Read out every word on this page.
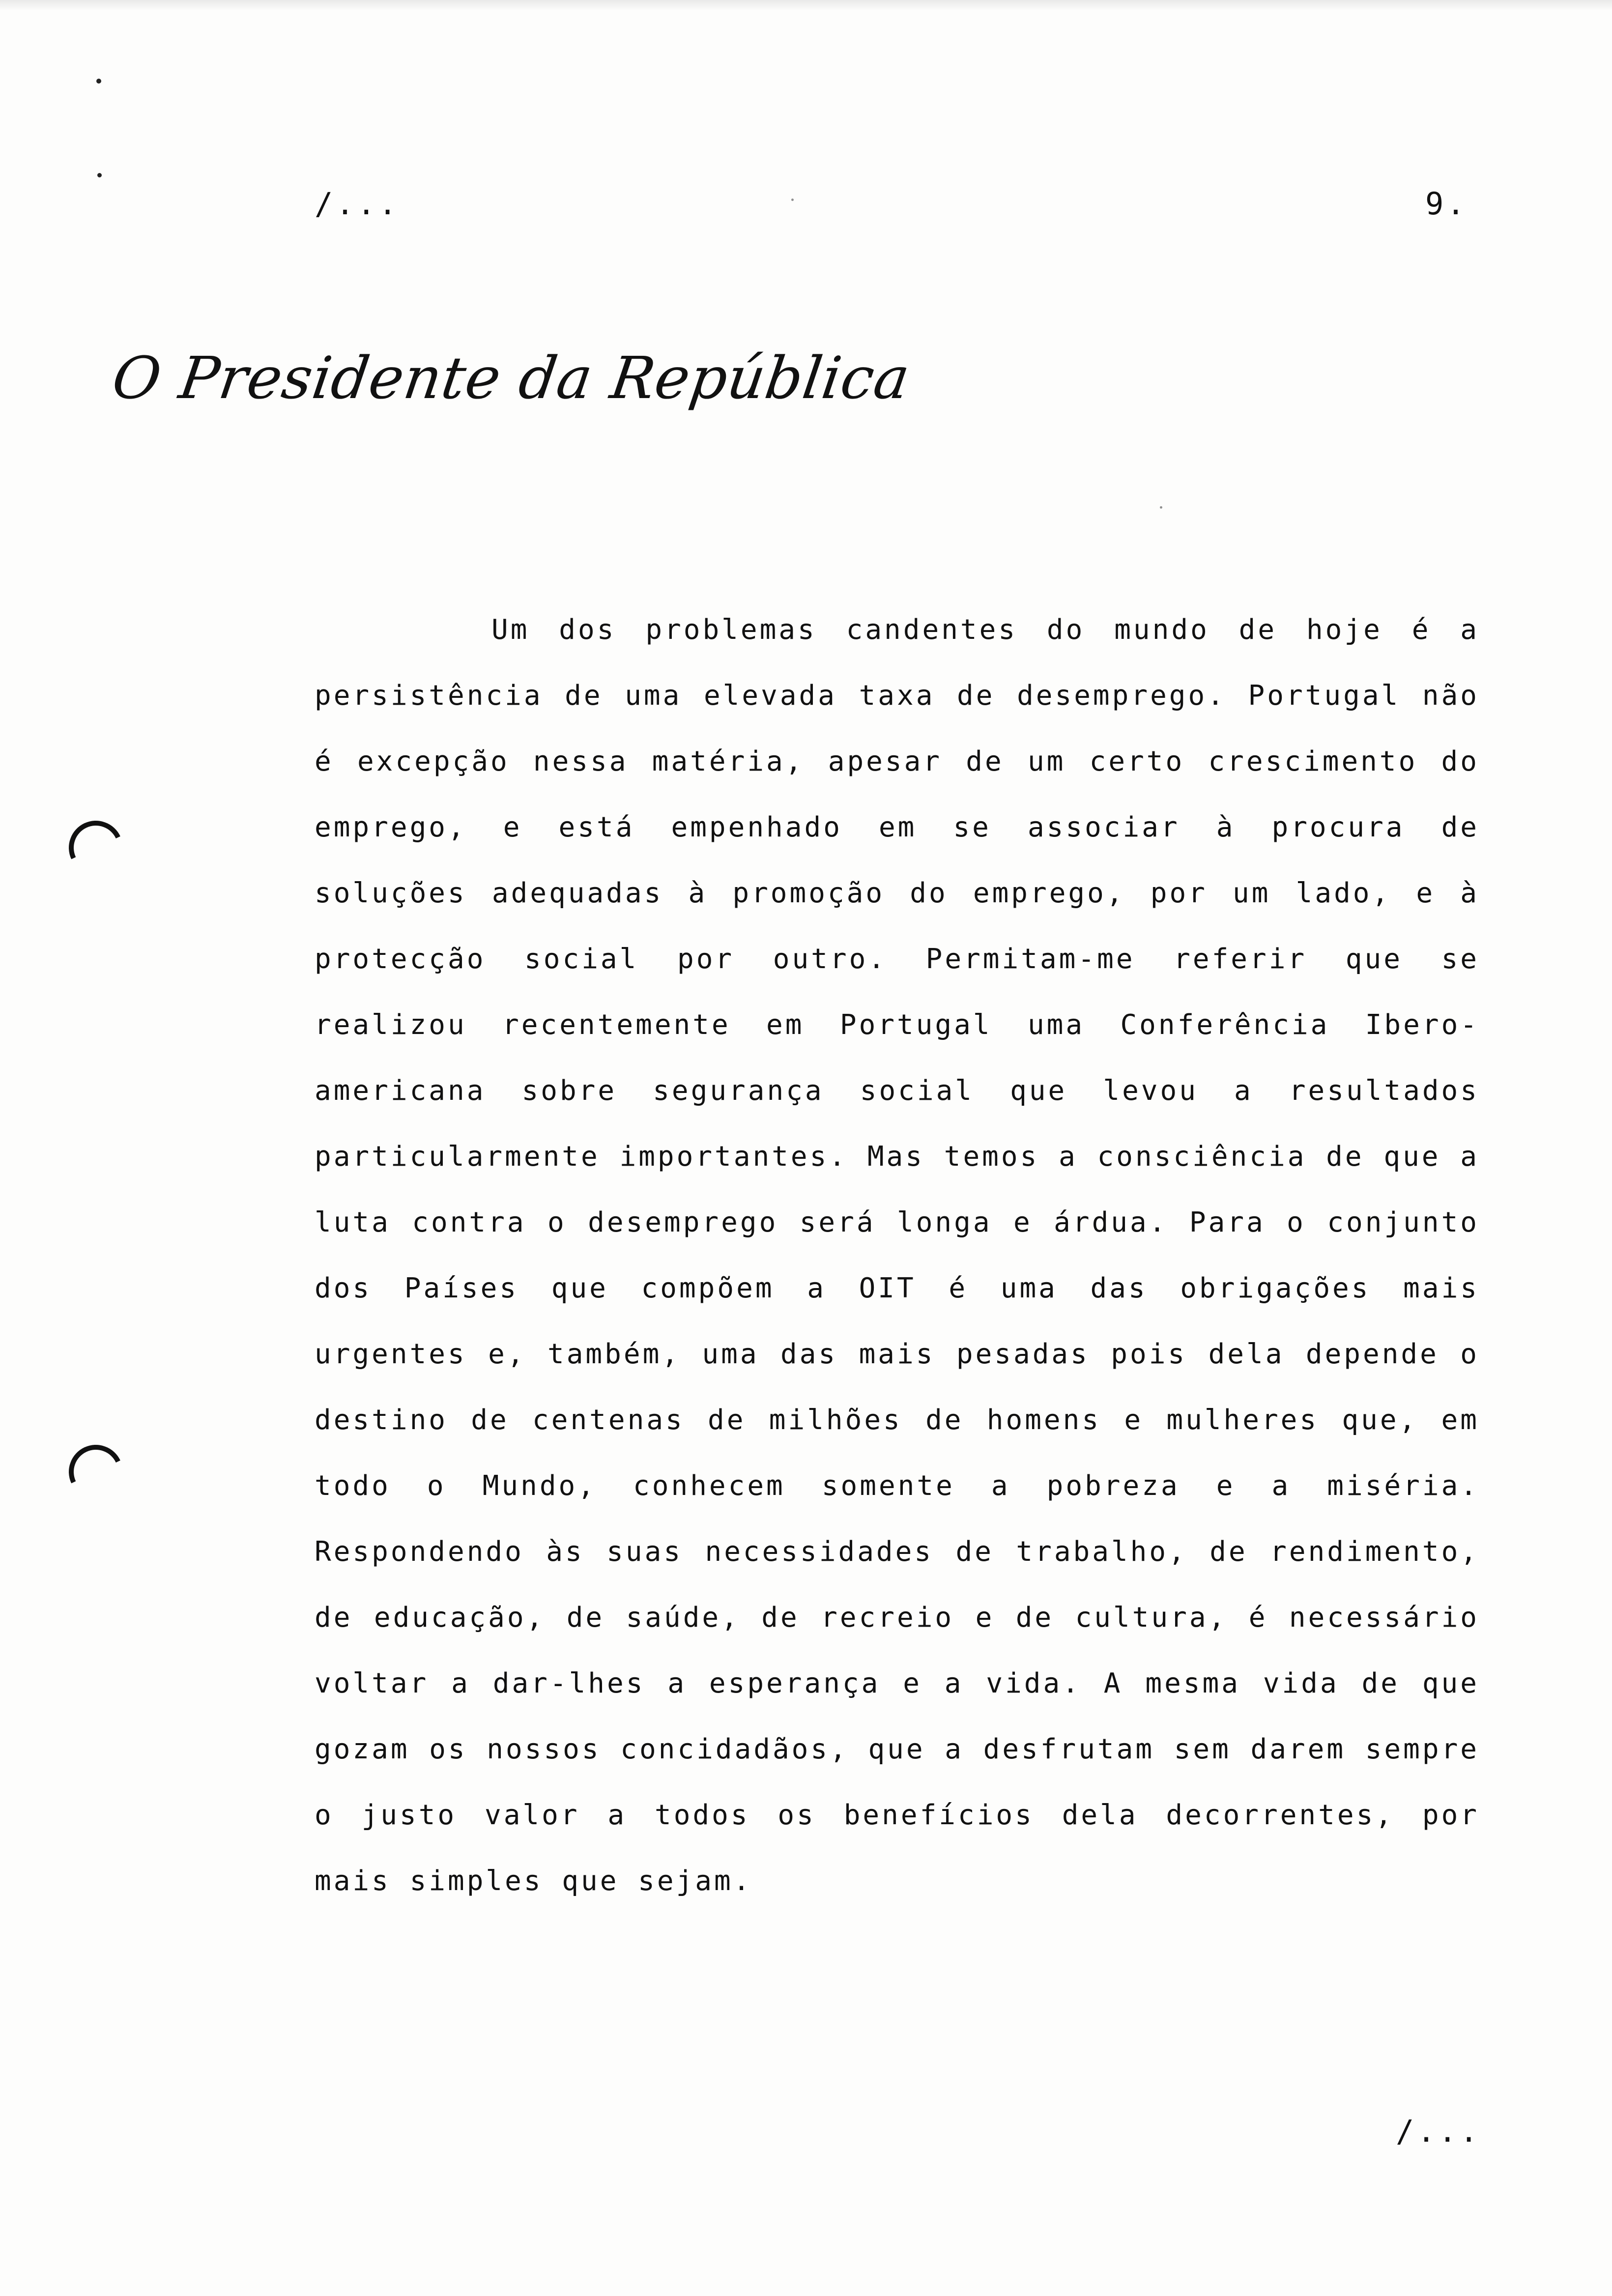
/...	9.
O Presidente da República

Um dos problemas candentes do mundo de hoje é a persistência de uma elevada taxa de desemprego. Portugal não é excepção nessa matéria, apesar de um certo crescimento do emprego, e está empenhado em se associar à procura de soluções adequadas à promoção do emprego, por um lado, e à protecção social por outro. Permitam-me referir que se realizou recentemente em Portugal uma Conferência Ibero-americana sobre segurança social que levou a resultados particularmente importantes. Mas temos a consciência de que a luta contra o desemprego será longa e árdua. Para o conjunto dos Países que compõem a OIT é uma das obrigações mais urgentes e, também, uma das mais pesadas pois dela depende o destino de centenas de milhões de homens e mulheres que, em todo o Mundo, conhecem somente a pobreza e a miséria. Respondendo às suas necessidades de trabalho, de rendimento, de educação, de saúde, de recreio e de cultura, é necessário voltar a dar-lhes a esperança e a vida. A mesma vida de que gozam os nossos concidadãos, que a desfrutam sem darem sempre o justo valor a todos os benefícios dela decorrentes, por mais simples que sejam.

/...
